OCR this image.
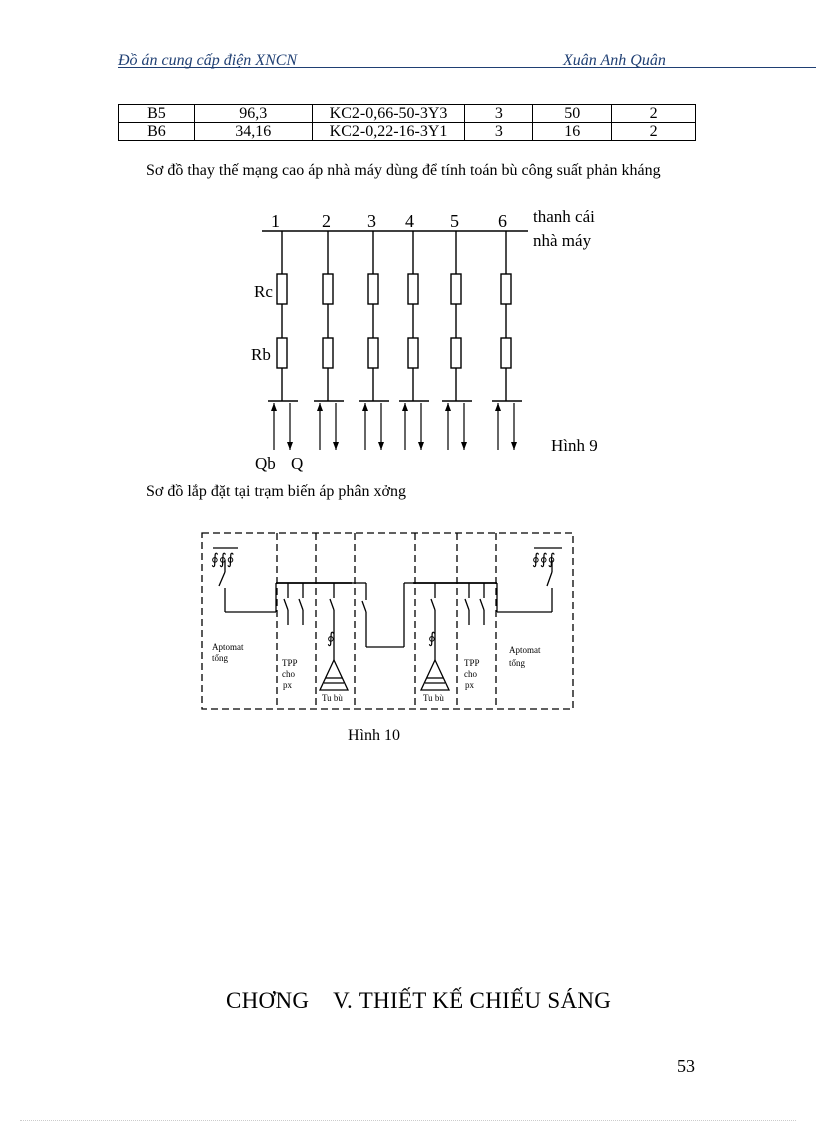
Đồ án cung cấp điện XNCN	Xuân Anh Quân
B5	96,3	KC2-0,66-50-3Y3	3	50	2
B6	34,16	KC2-0,22-16-3Y1	3	16	2
Sơ đồ thay thế mạng cao áp nhà máy dùng để tính toán bù công suất phản kháng
1 2 3 4 5 6 thanh cái
nhà máy
Rc
Rb
Qb Q
Hình 9
Sơ đồ lắp đặt tại trạm biến áp phân xởng
∮∮∮	∮∮∮
∮	∮
Aptomat
tổng
Aptomat
tổng
TPP
cho
px
TPP
cho
px
Tu bù	Tu bù
Hình 10
CHƠNG    V. THIẾT KẾ CHIẾU SÁNG
53
